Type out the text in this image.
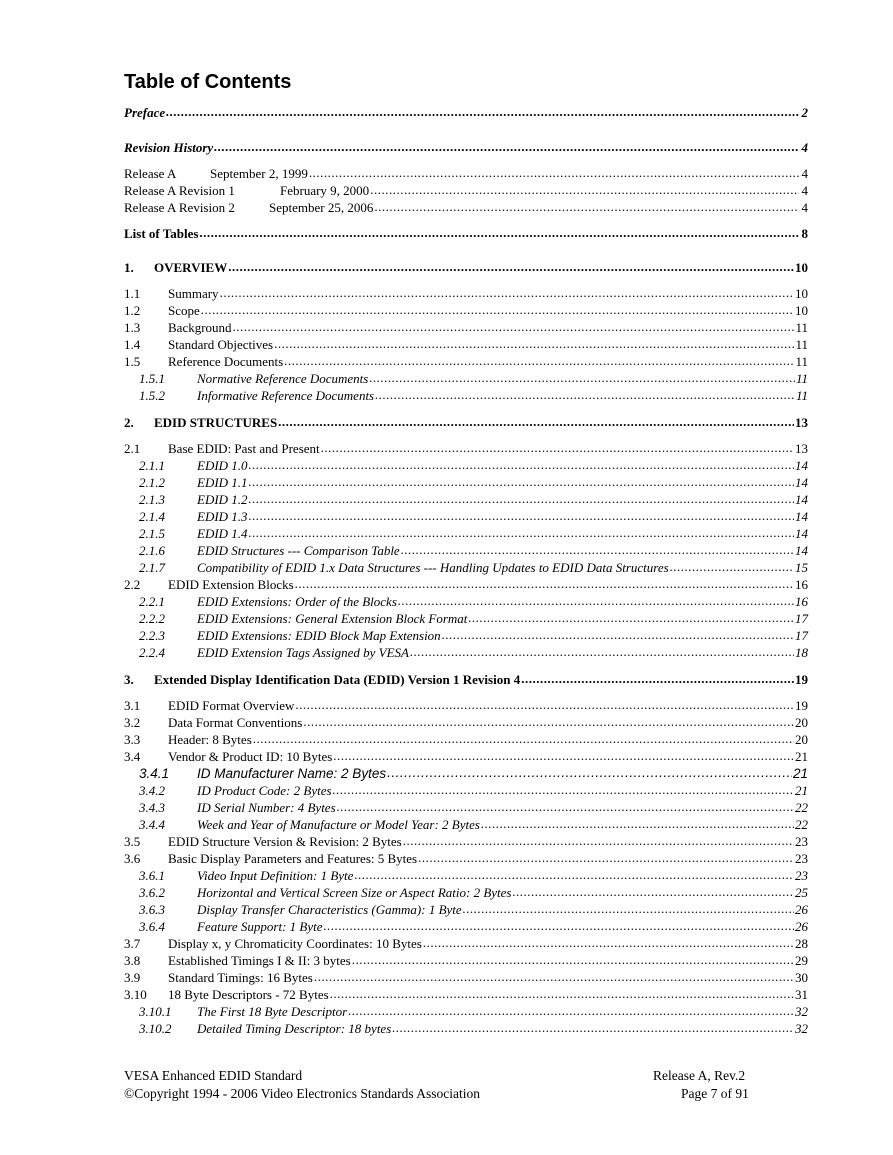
Table of Contents
Preface .....	2
Revision History .....	4
Release A	September 2, 1999 .....	4
Release A Revision 1	February 9, 2000 .....	4
Release A Revision 2	September 25, 2006 .....	4
List of Tables .....	8
1.	OVERVIEW .....	10
1.1	Summary .....	10
1.2	Scope .....	10
1.3	Background .....	11
1.4	Standard Objectives .....	11
1.5	Reference Documents .....	11
1.5.1	Normative Reference Documents .....	11
1.5.2	Informative Reference Documents .....	11
2.	EDID STRUCTURES .....	13
2.1	Base EDID: Past and Present .....	13
2.1.1	EDID 1.0 .....	14
2.1.2	EDID 1.1 .....	14
2.1.3	EDID 1.2 .....	14
2.1.4	EDID 1.3 .....	14
2.1.5	EDID 1.4 .....	14
2.1.6	EDID Structures --- Comparison Table .....	14
2.1.7	Compatibility of EDID 1.x Data Structures --- Handling Updates to EDID Data Structures .....	15
2.2	EDID Extension Blocks .....	16
2.2.1	EDID Extensions: Order of the Blocks .....	16
2.2.2	EDID Extensions: General Extension Block Format .....	17
2.2.3	EDID Extensions: EDID Block Map Extension .....	17
2.2.4	EDID Extension Tags Assigned by VESA .....	18
3.	Extended Display Identification Data (EDID) Version 1 Revision 4 .....	19
3.1	EDID Format Overview .....	19
3.2	Data Format Conventions .....	20
3.3	Header: 8 Bytes .....	20
3.4	Vendor & Product ID: 10 Bytes .....	21
3.4.1	ID Manufacturer Name: 2 Bytes .....	21
3.4.2	ID Product Code: 2 Bytes .....	21
3.4.3	ID Serial Number: 4 Bytes .....	22
3.4.4	Week and Year of Manufacture or Model Year: 2 Bytes .....	22
3.5	EDID Structure Version & Revision: 2 Bytes .....	23
3.6	Basic Display Parameters and Features: 5 Bytes .....	23
3.6.1	Video Input Definition: 1 Byte .....	23
3.6.2	Horizontal and Vertical Screen Size or Aspect Ratio: 2 Bytes .....	25
3.6.3	Display Transfer Characteristics (Gamma): 1 Byte .....	26
3.6.4	Feature Support: 1 Byte .....	26
3.7	Display x, y Chromaticity Coordinates: 10 Bytes .....	28
3.8	Established Timings I & II: 3 bytes .....	29
3.9	Standard Timings: 16 Bytes .....	30
3.10	18 Byte Descriptors - 72 Bytes .....	31
3.10.1	The First 18 Byte Descriptor .....	32
3.10.2	Detailed Timing Descriptor: 18 bytes .....	32
VESA Enhanced EDID Standard
©Copyright 1994 - 2006 Video Electronics Standards Association
Release A, Rev.2
Page 7 of 91
